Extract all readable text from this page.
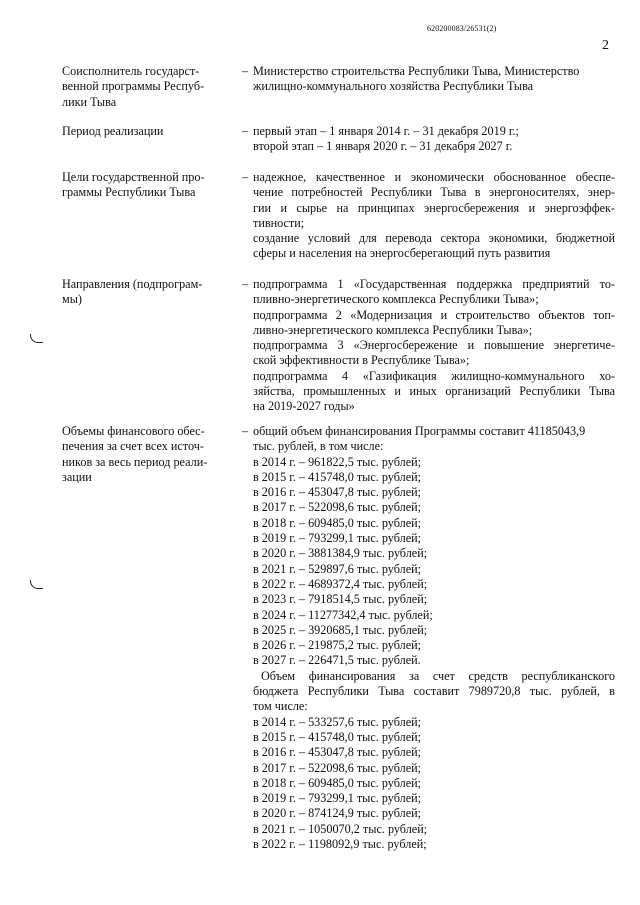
620200083/26531(2)
2
Соисполнитель государст-
венной программы Респуб-
лики Тыва
– Министерство строительства Республики Тыва, Министерство
жилищно-коммунального хозяйства Республики Тыва
Период реализации	– первый этап – 1 января 2014 г. – 31 декабря 2019 г.;
второй этап – 1 января 2020 г. – 31 декабря 2027 г.
Цели государственной про-
граммы Республики Тыва
– надежное, качественное и экономически обоснованное обеспе-
чение потребностей Республики Тыва в энергоносителях, энер-
гии и сырье на принципах энергосбережения и энергоэффек-
тивности;
создание условий для перевода сектора экономики, бюджетной
сферы и населения на энергосберегающий путь развития
Направления (подпрограм-
мы)
– подпрограмма 1 «Государственная поддержка предприятий то-
пливно-энергетического комплекса Республики Тыва»;
подпрограмма 2 «Модернизация и строительство объектов топ-
ливно-энергетического комплекса Республики Тыва»;
подпрограмма 3 «Энергосбережение и повышение энергетиче-
ской эффективности в Республике Тыва»;
подпрограмма 4 «Газификация жилищно-коммунального хо-
зяйства, промышленных и иных организаций Республики Тыва
на 2019-2027 годы»
Объемы финансового обес-
печения за счет всех источ-
ников за весь период реали-
зации
– общий объем финансирования Программы составит 41185043,9
тыс. рублей, в том числе:
в 2014 г. – 961822,5 тыс. рублей;
в 2015 г. – 415748,0 тыс. рублей;
в 2016 г. – 453047,8 тыс. рублей;
в 2017 г. – 522098,6 тыс. рублей;
в 2018 г. – 609485,0 тыс. рублей;
в 2019 г. – 793299,1 тыс. рублей;
в 2020 г. – 3881384,9 тыс. рублей;
в 2021 г. – 529897,6 тыс. рублей;
в 2022 г. – 4689372,4 тыс. рублей;
в 2023 г. – 7918514,5 тыс. рублей;
в 2024 г. – 11277342,4 тыс. рублей;
в 2025 г. – 3920685,1 тыс. рублей;
в 2026 г. – 219875,2 тыс. рублей;
в 2027 г. – 226471,5 тыс. рублей.
Объем финансирования за счет средств республиканского
бюджета Республики Тыва составит 7989720,8 тыс. рублей, в
том числе:
в 2014 г. – 533257,6 тыс. рублей;
в 2015 г. – 415748,0 тыс. рублей;
в 2016 г. – 453047,8 тыс. рублей;
в 2017 г. – 522098,6 тыс. рублей;
в 2018 г. – 609485,0 тыс. рублей;
в 2019 г. – 793299,1 тыс. рублей;
в 2020 г. – 874124,9 тыс. рублей;
в 2021 г. – 1050070,2 тыс. рублей;
в 2022 г. – 1198092,9 тыс. рублей;
